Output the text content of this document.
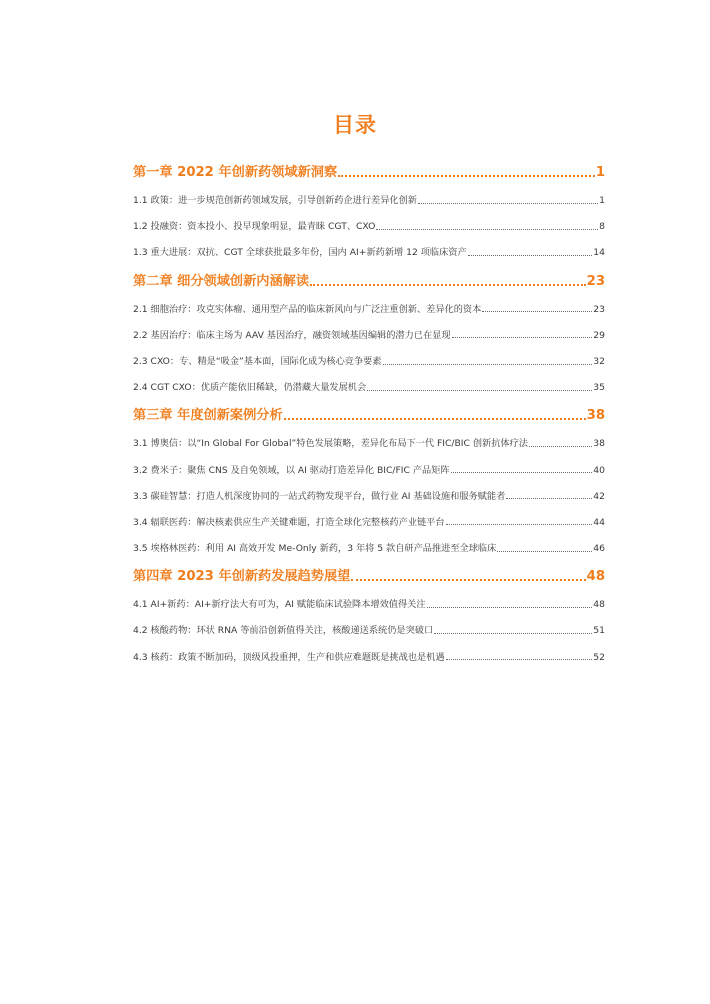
目录
第一章 2022 年创新药领域新洞察	1
1.1 政策：进一步规范创新药领域发展，引导创新药企进行差异化创新	1
1.2 投融资：资本投小、投早现象明显，最青睐 CGT、CXO	8
1.3 重大进展：双抗、CGT 全球获批最多年份，国内 AI+新药新增 12 项临床资产	14
第二章 细分领域创新内涵解读	23
2.1 细胞治疗：攻克实体瘤、通用型产品的临床新风向与广泛注重创新、差异化的资本	23
2.2 基因治疗：临床主场为 AAV 基因治疗，融资领域基因编辑的潜力已在显现	29
2.3 CXO：专、精是“吸金”基本面，国际化成为核心竞争要素	32
2.4 CGT CXO：优质产能依旧稀缺，仍潜藏大量发展机会	35
第三章 年度创新案例分析	38
3.1 博奥信：以“In Global For Global”特色发展策略，差异化布局下一代 FIC/BIC 创新抗体疗法	38
3.2 费米子：聚焦 CNS 及自免领域，以 AI 驱动打造差异化 BIC/FIC 产品矩阵	40
3.3 碳硅智慧：打造人机深度协同的一站式药物发现平台，做行业 AI 基础设施和服务赋能者	42
3.4 辐联医药：解决核素供应生产关键难题，打造全球化完整核药产业链平台	44
3.5 埃格林医药：利用 AI 高效开发 Me-Only 新药，3 年将 5 款自研产品推进至全球临床	46
第四章 2023 年创新药发展趋势展望	48
4.1 AI+新药：AI+新疗法大有可为，AI 赋能临床试验降本增效值得关注	48
4.2 核酸药物：环状 RNA 等前沿创新值得关注，核酸递送系统仍是突破口	51
4.3 核药：政策不断加码，顶级风投重押，生产和供应难题既是挑战也是机遇	52
